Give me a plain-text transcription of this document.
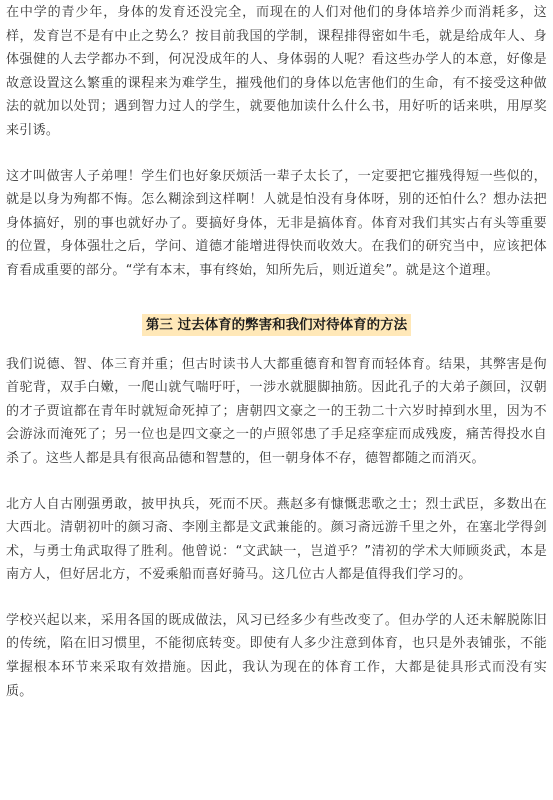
在中学的青少年，身体的发育还没完全，而现在的人们对他们的身体培养少而消耗多，这样，发育岂不是有中止之势么？按目前我国的学制，课程排得密如牛毛，就是给成年人、身体强健的人去学都办不到，何况没成年的人、身体弱的人呢？看这些办学人的本意，好像是故意设置这么繁重的课程来为难学生，摧残他们的身体以危害他们的生命，有不接受这种做法的就加以处罚；遇到智力过人的学生，就要他加读什么什么书，用好听的话来哄，用厚奖来引诱。

这才叫做害人子弟哩！学生们也好象厌烦活一辈子太长了，一定要把它摧残得短一些似的，就是以身为殉都不悔。怎么糊涂到这样啊！人就是怕没有身体呀，别的还怕什么？想办法把身体搞好，别的事也就好办了。要搞好身体，无非是搞体育。体育对我们其实占有头等重要的位置，身体强壮之后，学问、道德才能增进得快而收效大。在我们的研究当中，应该把体育看成重要的部分。“学有本末，事有终始，知所先后，则近道矣”。就是这个道理。

第三 过去体育的弊害和我们对待体育的方法

我们说德、智、体三育并重；但古时读书人大都重德育和智育而轻体育。结果，其弊害是佝首驼背，双手白嫩，一爬山就气喘吁吁，一涉水就腿脚抽筋。因此孔子的大弟子颜回，汉朝的才子贾谊都在青年时就短命死掉了；唐朝四文豪之一的王勃二十六岁时掉到水里，因为不会游泳而淹死了；另一位也是四文豪之一的卢照邻患了手足痉挛症而成残废，痛苦得投水自杀了。这些人都是具有很高品德和智慧的，但一朝身体不存，德智都随之而消灭。

北方人自古刚强勇敢，披甲执兵，死而不厌。燕赵多有慷慨悲歌之士；烈士武臣，多数出在大西北。清朝初叶的颜习斋、李刚主都是文武兼能的。颜习斋远游千里之外，在塞北学得剑术，与勇士角武取得了胜利。他曾说：“文武缺一，岂道乎？”清初的学术大师顾炎武，本是南方人，但好居北方，不爱乘船而喜好骑马。这几位古人都是值得我们学习的。

学校兴起以来，采用各国的既成做法，风习已经多少有些改变了。但办学的人还未解脱陈旧的传统，陷在旧习惯里，不能彻底转变。即使有人多少注意到体育，也只是外表铺张，不能掌握根本环节来采取有效措施。因此，我认为现在的体育工作，大都是徒具形式而没有实质。
